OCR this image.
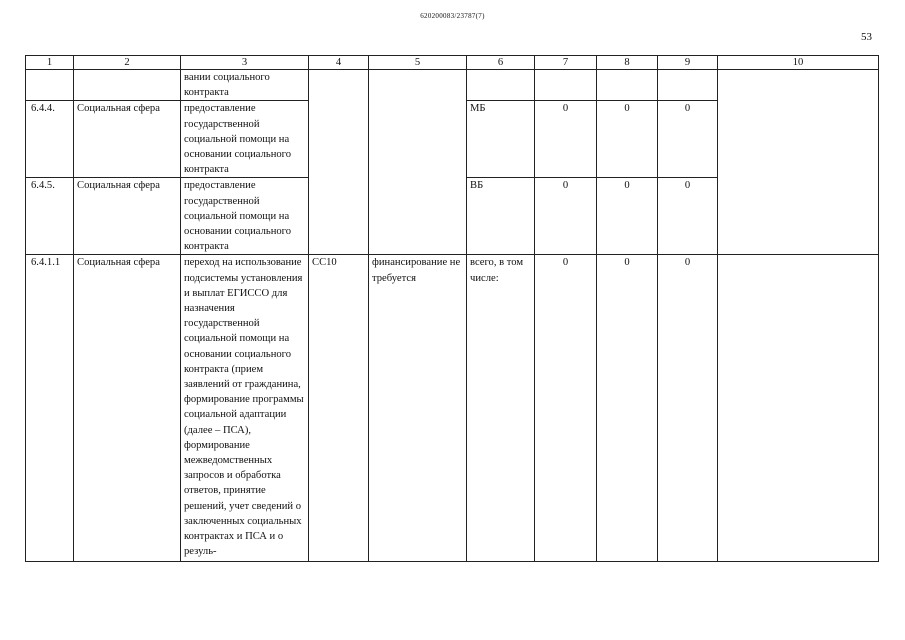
620200083/23787(7)
53
1	2	3	4	5	6	7	8	9	10
		вании социального контракта							
6.4.4.	Социальная сфера	предоставление государственной социальной помощи на основании социального контракта			МБ	0	0	0	
6.4.5.	Социальная сфера	предоставление государственной социальной помощи на основании социального контракта			ВБ	0	0	0	
6.4.1.1	Социальная сфера	переход на использование подсистемы установления и выплат ЕГИССО для назначения государственной социальной помощи на основании социального контракта (прием заявлений от гражданина, формирование программы социальной адаптации (далее – ПСА), формирование межведомственных запросов и обработка ответов, принятие решений, учет сведений о заключенных социальных контрактах и ПСА и о резуль-	СС10	финансирование не требуется	всего, в том числе:	0	0	0	
